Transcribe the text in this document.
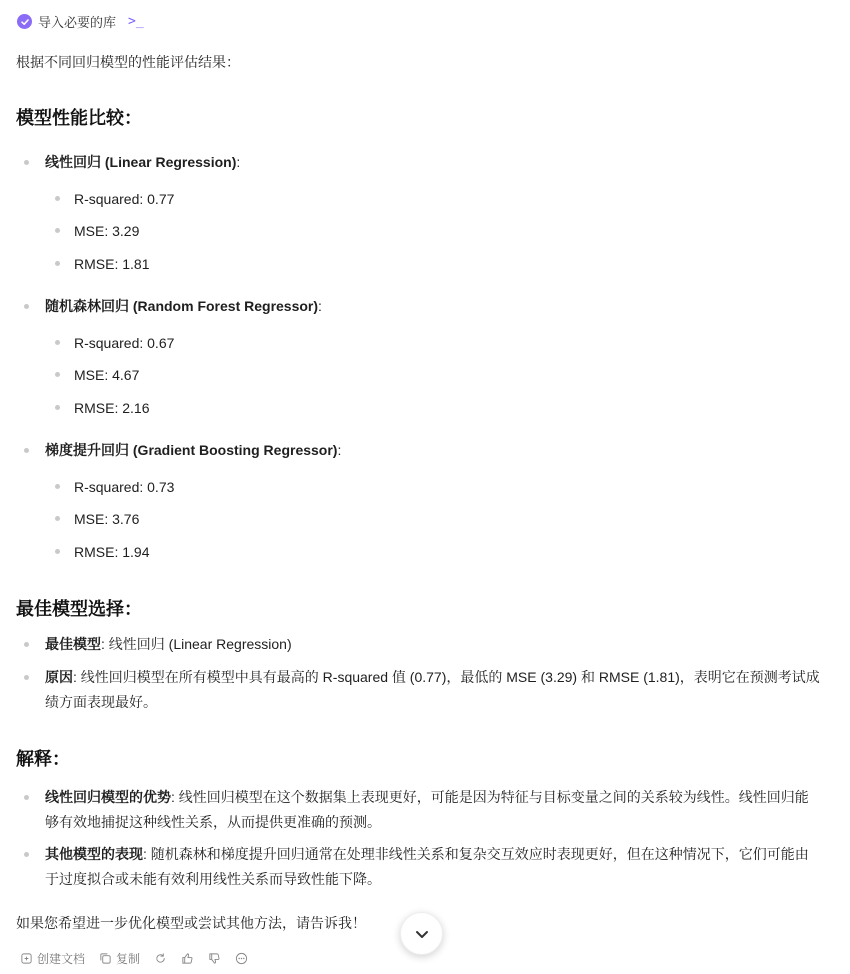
导入必要的库 >_
根据不同回归模型的性能评估结果：
模型性能比较：
线性回归 (Linear Regression):
R-squared: 0.77
MSE: 3.29
RMSE: 1.81
随机森林回归 (Random Forest Regressor):
R-squared: 0.67
MSE: 4.67
RMSE: 2.16
梯度提升回归 (Gradient Boosting Regressor):
R-squared: 0.73
MSE: 3.76
RMSE: 1.94
最佳模型选择：
最佳模型: 线性回归 (Linear Regression)
原因: 线性回归模型在所有模型中具有最高的 R-squared 值 (0.77)，最低的 MSE (3.29) 和 RMSE (1.81)，表明它在预测考试成绩方面表现最好。
解释：
线性回归模型的优势: 线性回归模型在这个数据集上表现更好，可能是因为特征与目标变量之间的关系较为线性。线性回归能够有效地捕捉这种线性关系，从而提供更准确的预测。
其他模型的表现: 随机森林和梯度提升回归通常在处理非线性关系和复杂交互效应时表现更好，但在这种情况下，它们可能由于过度拟合或未能有效利用线性关系而导致性能下降。
如果您希望进一步优化模型或尝试其他方法，请告诉我！
创建文档	复制
